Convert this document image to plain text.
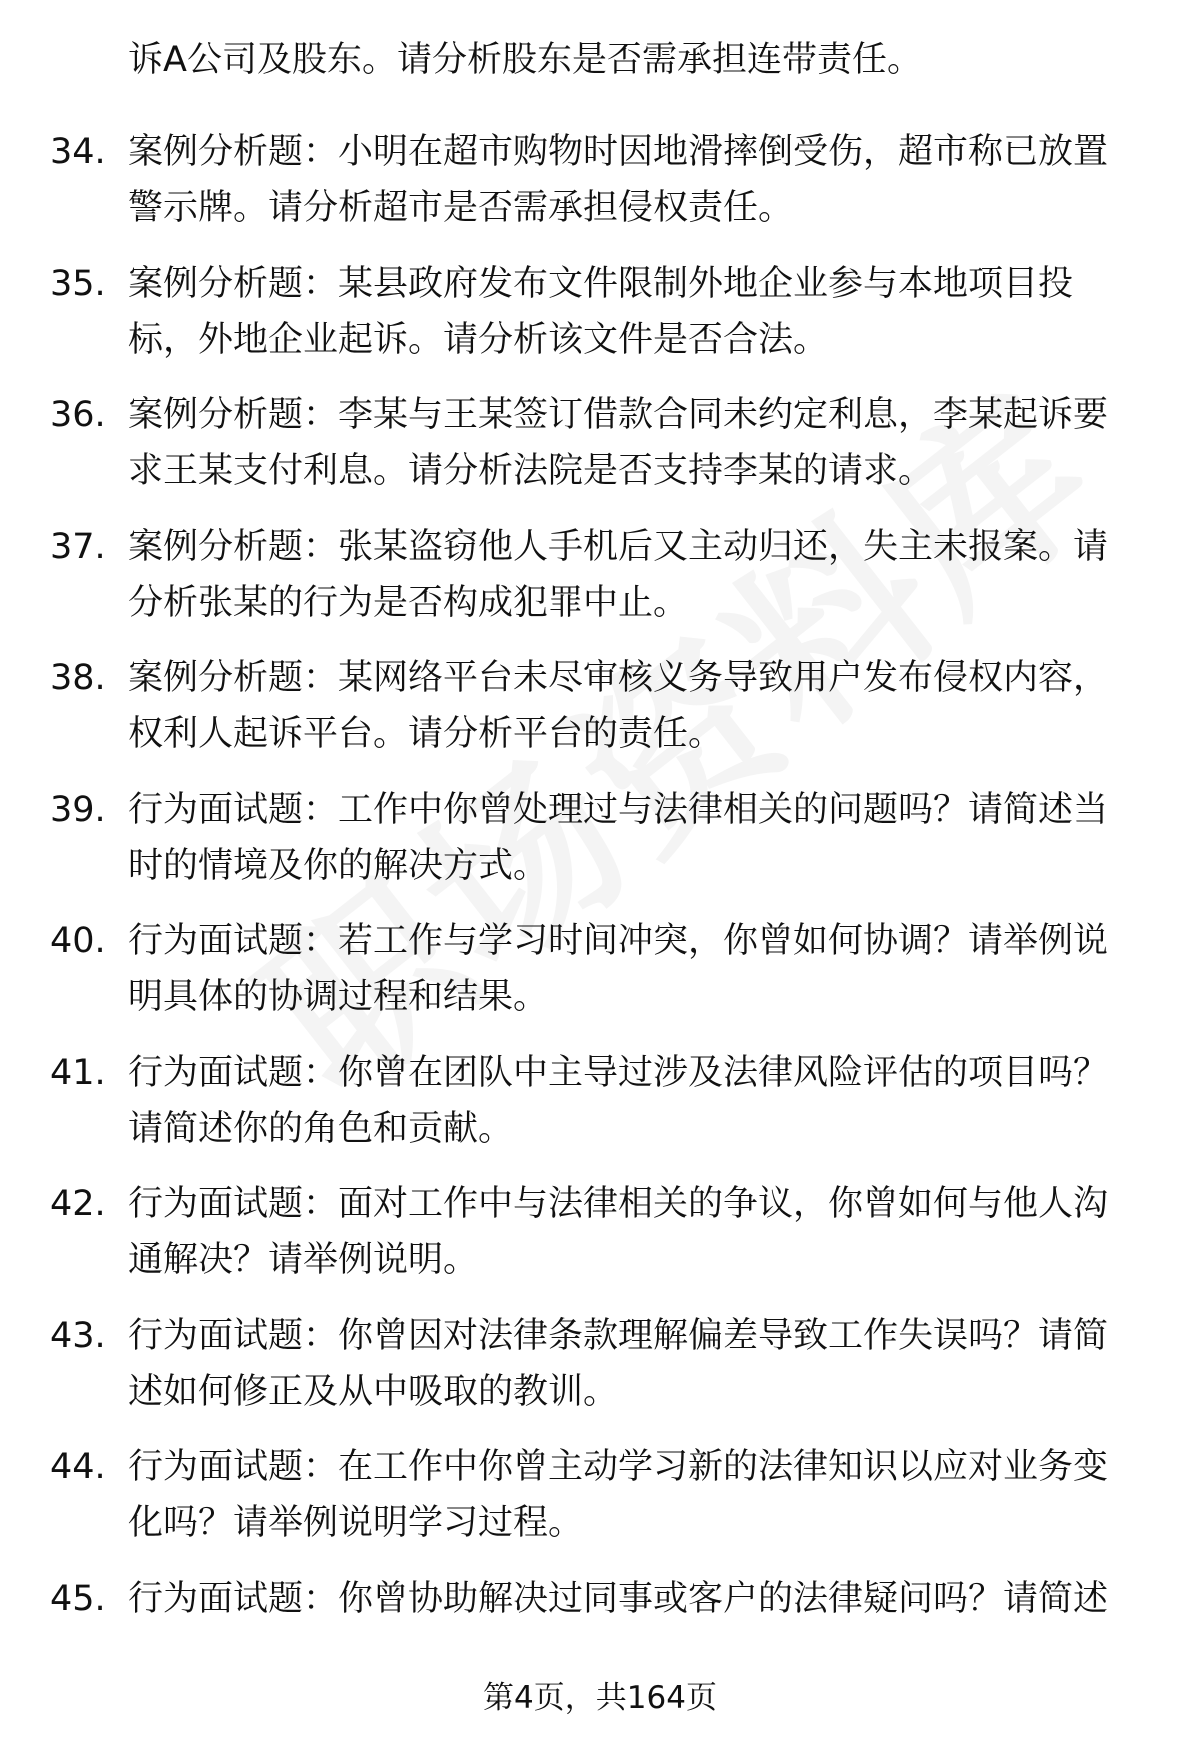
诉A公司及股东。请分析股东是否需承担连带责任。
34. 案例分析题：小明在超市购物时因地滑摔倒受伤，超市称已放置
警示牌。请分析超市是否需承担侵权责任。
35. 案例分析题：某县政府发布文件限制外地企业参与本地项目投
标，外地企业起诉。请分析该文件是否合法。
36. 案例分析题：李某与王某签订借款合同未约定利息，李某起诉要
求王某支付利息。请分析法院是否支持李某的请求。
37. 案例分析题：张某盗窃他人手机后又主动归还，失主未报案。请
分析张某的行为是否构成犯罪中止。
38. 案例分析题：某网络平台未尽审核义务导致用户发布侵权内容，
权利人起诉平台。请分析平台的责任。
39. 行为面试题：工作中你曾处理过与法律相关的问题吗？请简述当
时的情境及你的解决方式。
40. 行为面试题：若工作与学习时间冲突，你曾如何协调？请举例说
明具体的协调过程和结果。
41. 行为面试题：你曾在团队中主导过涉及法律风险评估的项目吗？
请简述你的角色和贡献。
42. 行为面试题：面对工作中与法律相关的争议，你曾如何与他人沟
通解决？请举例说明。
43. 行为面试题：你曾因对法律条款理解偏差导致工作失误吗？请简
述如何修正及从中吸取的教训。
44. 行为面试题：在工作中你曾主动学习新的法律知识以应对业务变
化吗？请举例说明学习过程。
45. 行为面试题：你曾协助解决过同事或客户的法律疑问吗？请简述
第4页，共164页
